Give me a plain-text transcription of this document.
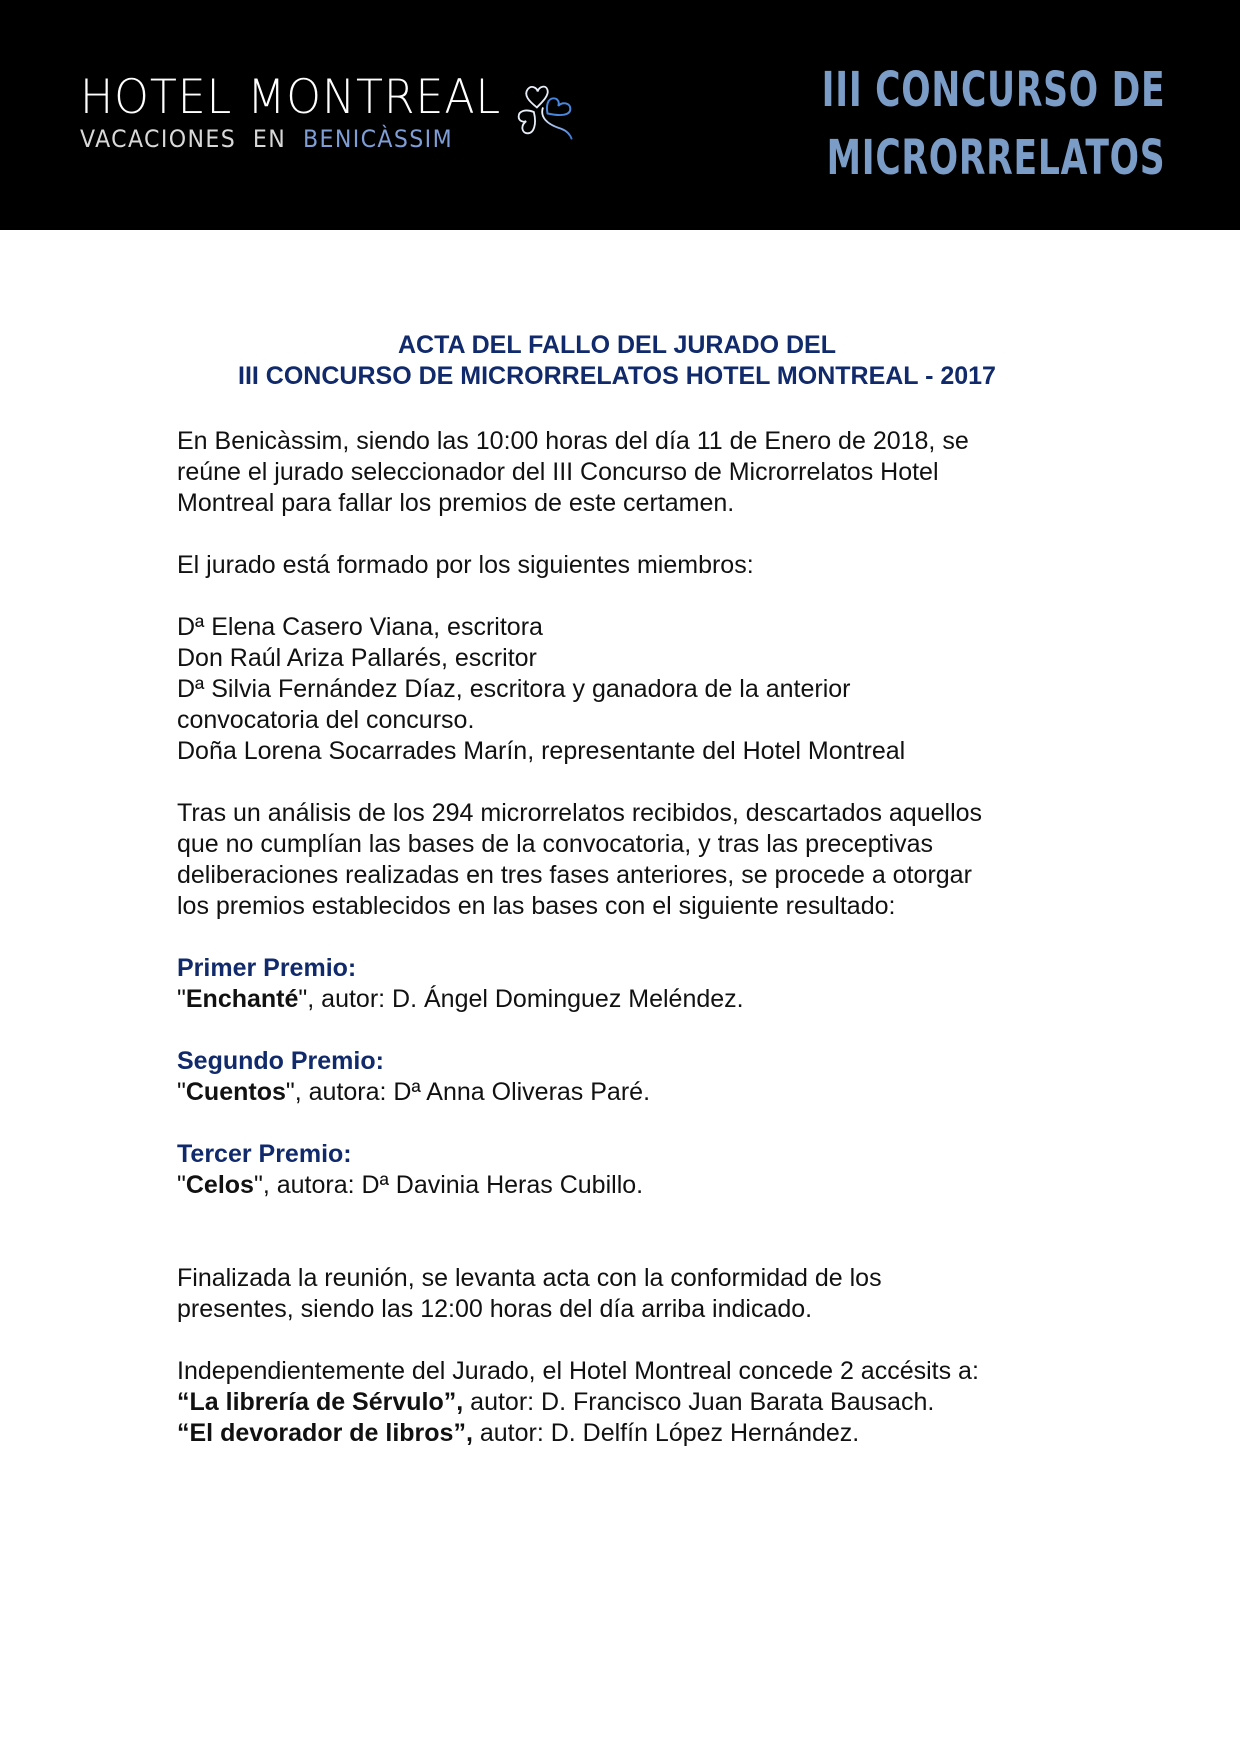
HOTEL MONTREAL
VACACIONES  EN  BENICÀSSIM
III CONCURSO DE
MICRORRELATOS
ACTA DEL FALLO DEL JURADO DEL
III CONCURSO DE MICRORRELATOS HOTEL MONTREAL - 2017
En Benicàssim, siendo las 10:00 horas del día 11 de Enero de 2018, se
reúne el jurado seleccionador del III Concurso de Microrrelatos Hotel
Montreal para fallar los premios de este certamen.
El jurado está formado por los siguientes miembros:
Dª Elena Casero Viana, escritora
Don Raúl Ariza Pallarés, escritor
Dª Silvia Fernández Díaz, escritora y ganadora de la anterior
convocatoria del concurso.
Doña Lorena Socarrades Marín, representante del Hotel Montreal
Tras un análisis de los 294 microrrelatos recibidos, descartados aquellos
que no cumplían las bases de la convocatoria, y tras las preceptivas
deliberaciones realizadas en tres fases anteriores, se procede a otorgar
los premios establecidos en las bases con el siguiente resultado:
Primer Premio:
"Enchanté", autor: D. Ángel Dominguez Meléndez.
Segundo Premio:
"Cuentos", autora: Dª Anna Oliveras Paré.
Tercer Premio:
"Celos", autora: Dª Davinia Heras Cubillo.
Finalizada la reunión, se levanta acta con la conformidad de los
presentes, siendo las 12:00 horas del día arriba indicado.
Independientemente del Jurado, el Hotel Montreal concede 2 accésits a:
“La librería de Sérvulo”, autor: D. Francisco Juan Barata Bausach.
“El devorador de libros”, autor: D. Delfín López Hernández.
